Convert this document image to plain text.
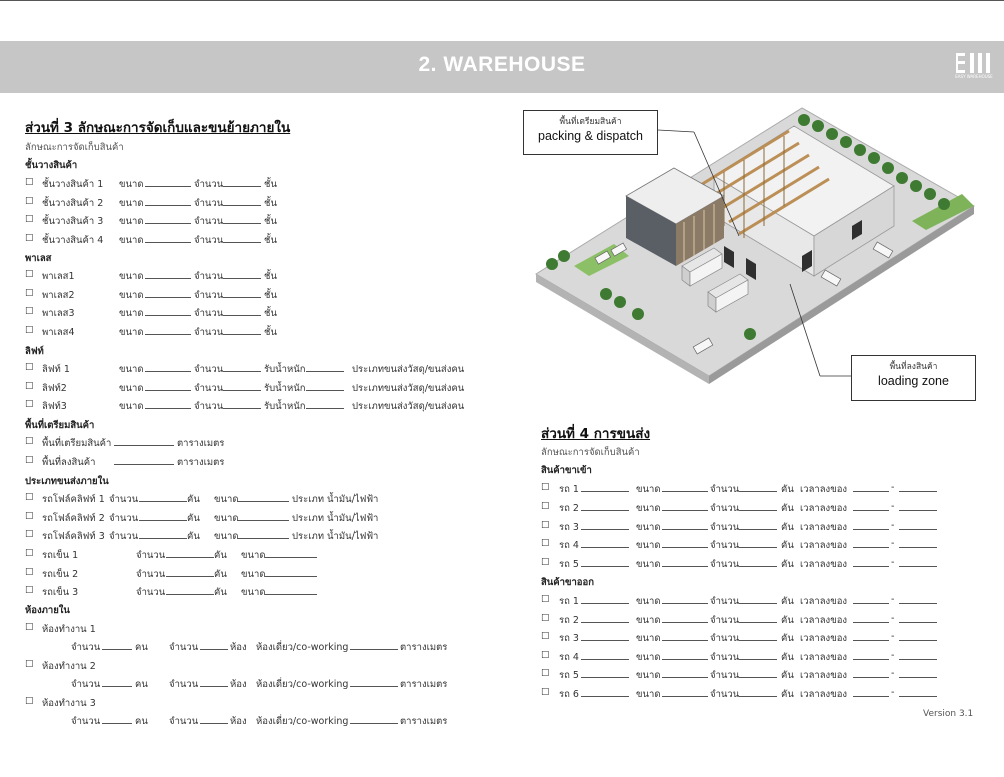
2. WAREHOUSE
EASY WAREHOUSE
ส่วนที่ 3 ลักษณะการจัดเก็บและขนย้ายภายใน
ลักษณะการจัดเก็บสินค้า
ชั้นวางสินค้า
☐ ชั้นวางสินค้า 1 ขนาด	จำนวน	ชั้น
☐ ชั้นวางสินค้า 2 ขนาด	จำนวน	ชั้น
☐ ชั้นวางสินค้า 3 ขนาด	จำนวน	ชั้น
☐ ชั้นวางสินค้า 4 ขนาด	จำนวน	ชั้น
พาเลส
☐ พาเลส1	ขนาด	จำนวน	ชั้น
☐ พาเลส2	ขนาด	จำนวน	ชั้น
☐ พาเลส3	ขนาด	จำนวน	ชั้น
☐ พาเลส4	ขนาด	จำนวน	ชั้น
ลิฟท์
☐ ลิฟท์ 1	ขนาด	จำนวน	รับน้ำหนัก	ประเภทขนส่งวัสดุ/ขนส่งคน
☐ ลิฟท์2	ขนาด	จำนวน	รับน้ำหนัก	ประเภทขนส่งวัสดุ/ขนส่งคน
☐ ลิฟท์3	ขนาด	จำนวน	รับน้ำหนัก	ประเภทขนส่งวัสดุ/ขนส่งคน
พื้นที่เตรียมสินค้า
☐ พื้นที่เตรียมสินค้า	ตารางเมตร
☐ พื้นที่ลงสินค้า	ตารางเมตร
ประเภทขนส่งภายใน
☐ รถโฟล์คลิฟท์ 1 จำนวน	คัน ขนาด	ประเภท น้ำมัน/ไฟฟ้า
☐ รถโฟล์คลิฟท์ 2 จำนวน	คัน ขนาด	ประเภท น้ำมัน/ไฟฟ้า
☐ รถโฟล์คลิฟท์ 3 จำนวน	คัน ขนาด	ประเภท น้ำมัน/ไฟฟ้า
☐ รถเข็น 1	จำนวน	คัน ขนาด
☐ รถเข็น 2	จำนวน	คัน ขนาด
☐ รถเข็น 3	จำนวน	คัน ขนาด
ห้องภายใน
☐ ห้องทำงาน 1
จำนวน	คน จำนวน	ห้อง ห้องเดี่ยว/co-working	ตารางเมตร
☐ ห้องทำงาน 2
จำนวน	คน จำนวน	ห้อง ห้องเดี่ยว/co-working	ตารางเมตร
☐ ห้องทำงาน 3
จำนวน	คน จำนวน	ห้อง ห้องเดี่ยว/co-working	ตารางเมตร
พื้นที่เตรียมสินค้า
packing & dispatch
พื้นที่ลงสินค้า
loading zone
ส่วนที่ 4 การขนส่ง
ลักษณะการจัดเก็บสินค้า
สินค้าขาเข้า
☐ รถ 1	ขนาด	จำนวน	คัน เวลาลงของ	-
☐ รถ 2	ขนาด	จำนวน	คัน เวลาลงของ	-
☐ รถ 3	ขนาด	จำนวน	คัน เวลาลงของ	-
☐ รถ 4	ขนาด	จำนวน	คัน เวลาลงของ	-
☐ รถ 5	ขนาด	จำนวน	คัน เวลาลงของ	-
สินค้าขาออก
☐ รถ 1	ขนาด	จำนวน	คัน เวลาลงของ	-
☐ รถ 2	ขนาด	จำนวน	คัน เวลาลงของ	-
☐ รถ 3	ขนาด	จำนวน	คัน เวลาลงของ	-
☐ รถ 4	ขนาด	จำนวน	คัน เวลาลงของ	-
☐ รถ 5	ขนาด	จำนวน	คัน เวลาลงของ	-
☐ รถ 6	ขนาด	จำนวน	คัน เวลาลงของ	-
Version 3.1
